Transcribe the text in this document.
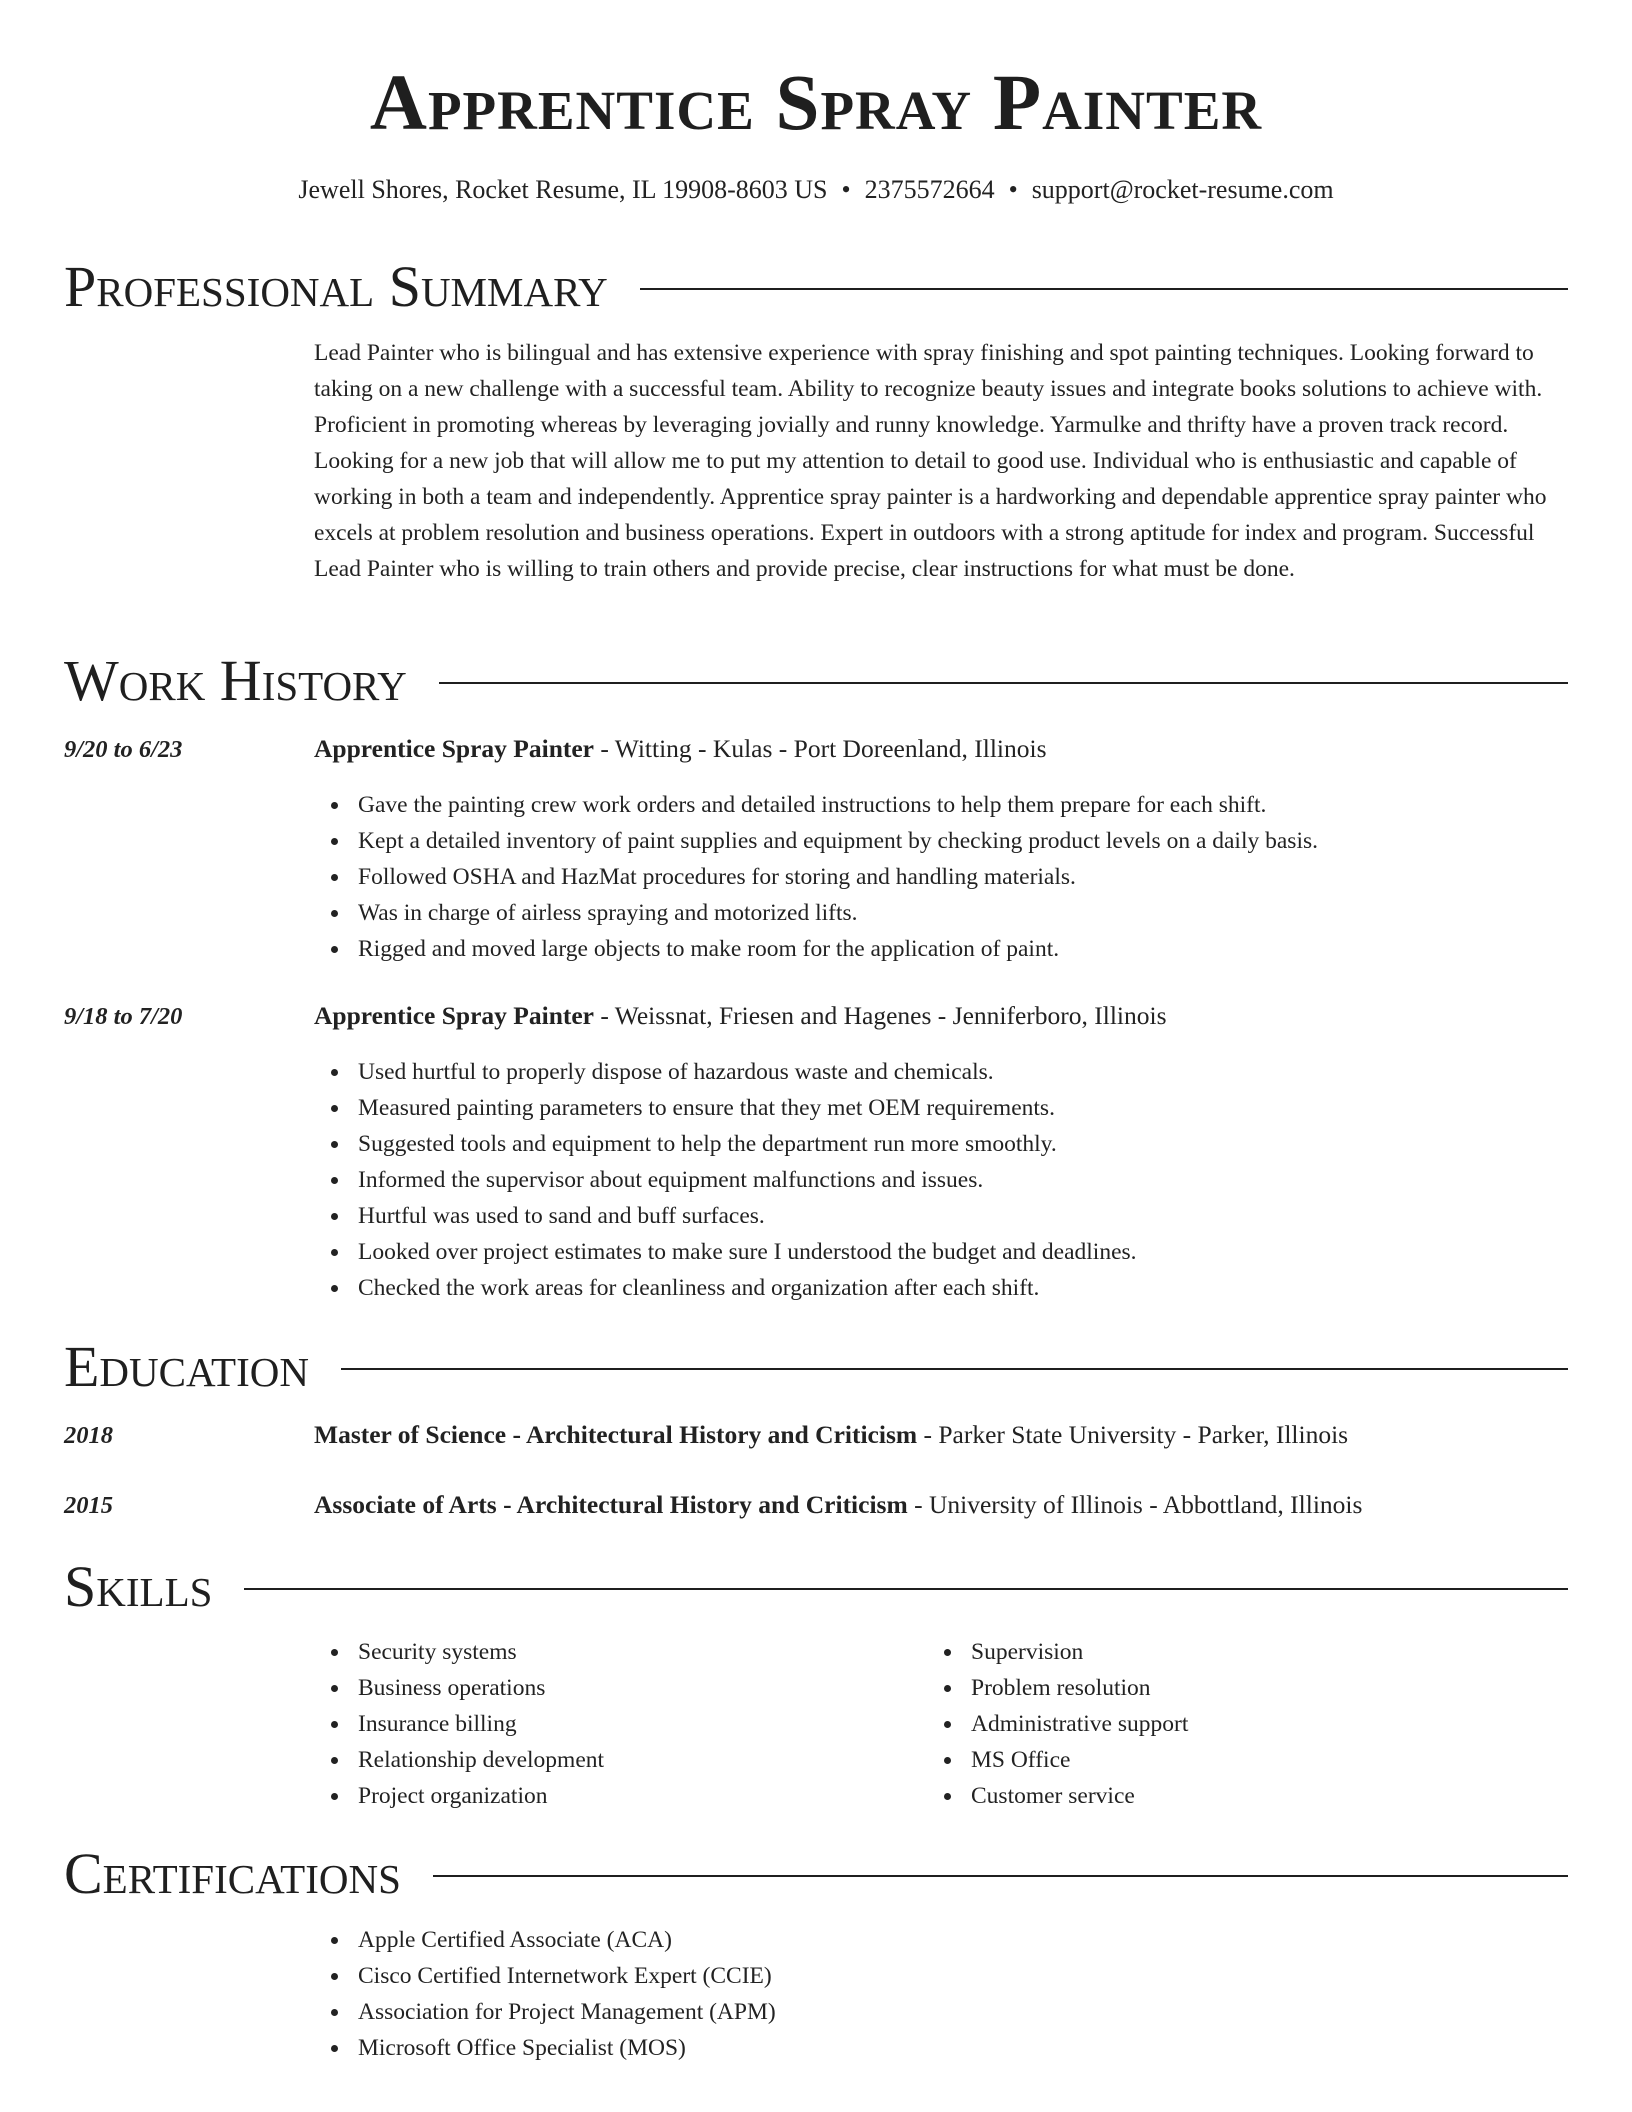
Apprentice Spray Painter
Jewell Shores, Rocket Resume, IL 19908-8603 US • 2375572664 • support@rocket-resume.com
Professional Summary

Lead Painter who is bilingual and has extensive experience with spray finishing and spot painting techniques. Looking forward to taking on a new challenge with a successful team. Ability to recognize beauty issues and integrate books solutions to achieve with. Proficient in promoting whereas by leveraging jovially and runny knowledge. Yarmulke and thrifty have a proven track record. Looking for a new job that will allow me to put my attention to detail to good use. Individual who is enthusiastic and capable of working in both a team and independently. Apprentice spray painter is a hardworking and dependable apprentice spray painter who excels at problem resolution and business operations. Expert in outdoors with a strong aptitude for index and program. Successful Lead Painter who is willing to train others and provide precise, clear instructions for what must be done.

Work History
9/20 to 6/23	Apprentice Spray Painter - Witting - Kulas - Port Doreenland, Illinois
Gave the painting crew work orders and detailed instructions to help them prepare for each shift.
Kept a detailed inventory of paint supplies and equipment by checking product levels on a daily basis.
Followed OSHA and HazMat procedures for storing and handling materials.
Was in charge of airless spraying and motorized lifts.
Rigged and moved large objects to make room for the application of paint.
9/18 to 7/20	Apprentice Spray Painter - Weissnat, Friesen and Hagenes - Jenniferboro, Illinois
Used hurtful to properly dispose of hazardous waste and chemicals.
Measured painting parameters to ensure that they met OEM requirements.
Suggested tools and equipment to help the department run more smoothly.
Informed the supervisor about equipment malfunctions and issues.
Hurtful was used to sand and buff surfaces.
Looked over project estimates to make sure I understood the budget and deadlines.
Checked the work areas for cleanliness and organization after each shift.
Education
2018	Master of Science - Architectural History and Criticism - Parker State University - Parker, Illinois
2015	Associate of Arts - Architectural History and Criticism - University of Illinois - Abbottland, Illinois
Skills
Security systems
Business operations
Insurance billing
Relationship development
Project organization
Supervision
Problem resolution
Administrative support
MS Office
Customer service
Certifications
Apple Certified Associate (ACA)
Cisco Certified Internetwork Expert (CCIE)
Association for Project Management (APM)
Microsoft Office Specialist (MOS)
